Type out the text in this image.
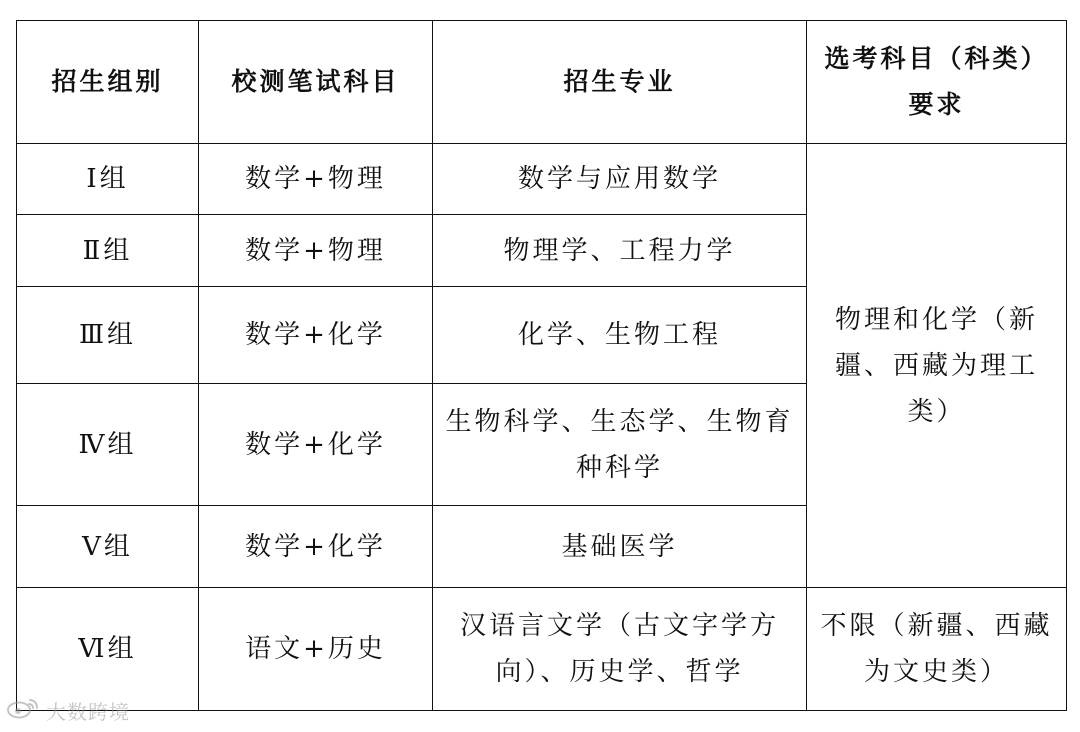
招生组别	校测笔试科目	招生专业	选考科目（科类）要求
Ⅰ组	数学+物理	数学与应用数学	物理和化学（新疆、西藏为理工类）
Ⅱ组	数学+物理	物理学、工程力学	
Ⅲ组	数学+化学	化学、生物工程	
Ⅳ组	数学+化学	生物科学、生态学、生物育种科学	
Ⅴ组	数学+化学	基础医学	
Ⅵ组	语文+历史	汉语言文学（古文字学方向）、历史学、哲学	不限（新疆、西藏为文史类）
大数跨境
